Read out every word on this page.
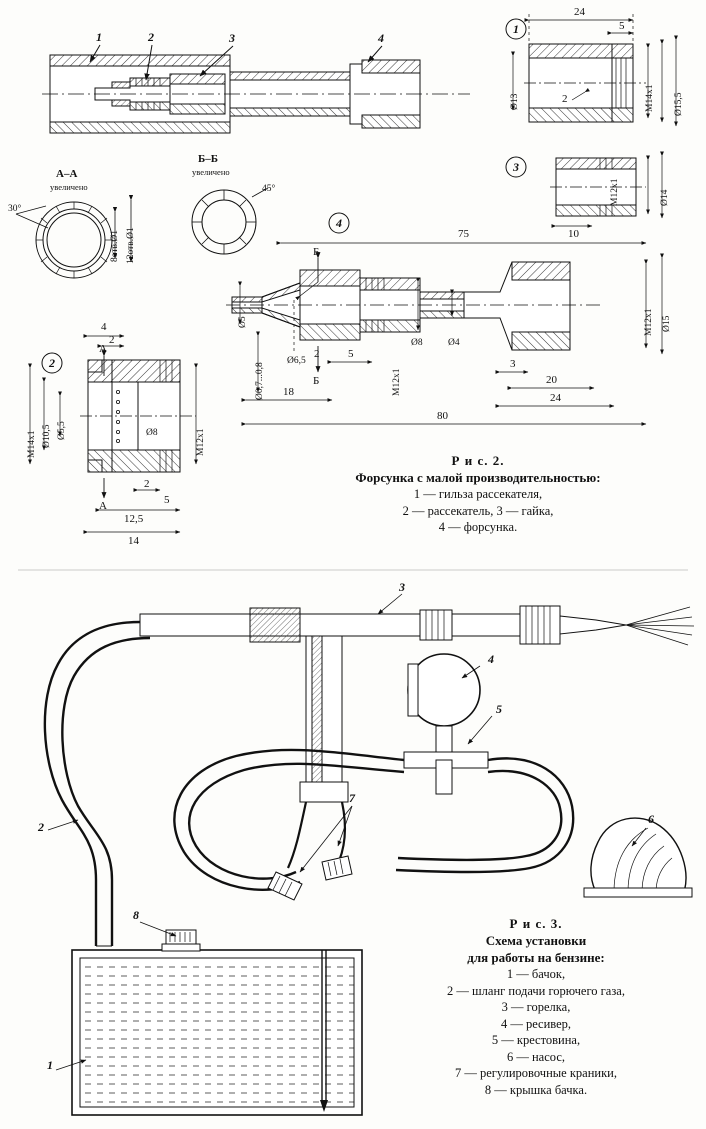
1	2	3	4
А–А
увеличено
30°
12отв.Ø1
8отв.Ø1
Б–Б
увеличено
45°
1
24
5
2
Ø13	M14x1 Ø15,5
3
10
M12x1	Ø14
2
4
2
A
A
2
5
12,5
14
M14x1 Ø10,5 Ø5,5	Ø8	M12x1
4
75
80
18
5
3
20
24
2
Ø5
Ø8
Ø6,5
Ø4
Ø0,7...0,8	M12x1
M12x1 Ø15
Б
Б
Р и с. 2.
Форсунка с малой производительностью:
1 — гильза рассекателя,
2 — рассекатель, 3 — гайка,
4 — форсунка.
3
4
5
6
7
2
8
1
Р и с. 3.
Схема установки
для работы на бензине:
1 — бачок,
2 — шланг подачи горючего газа,
3 — горелка,
4 — ресивер,
5 — крестовина,
6 — насос,
7 — регулировочные краники,
8 — крышка бачка.
